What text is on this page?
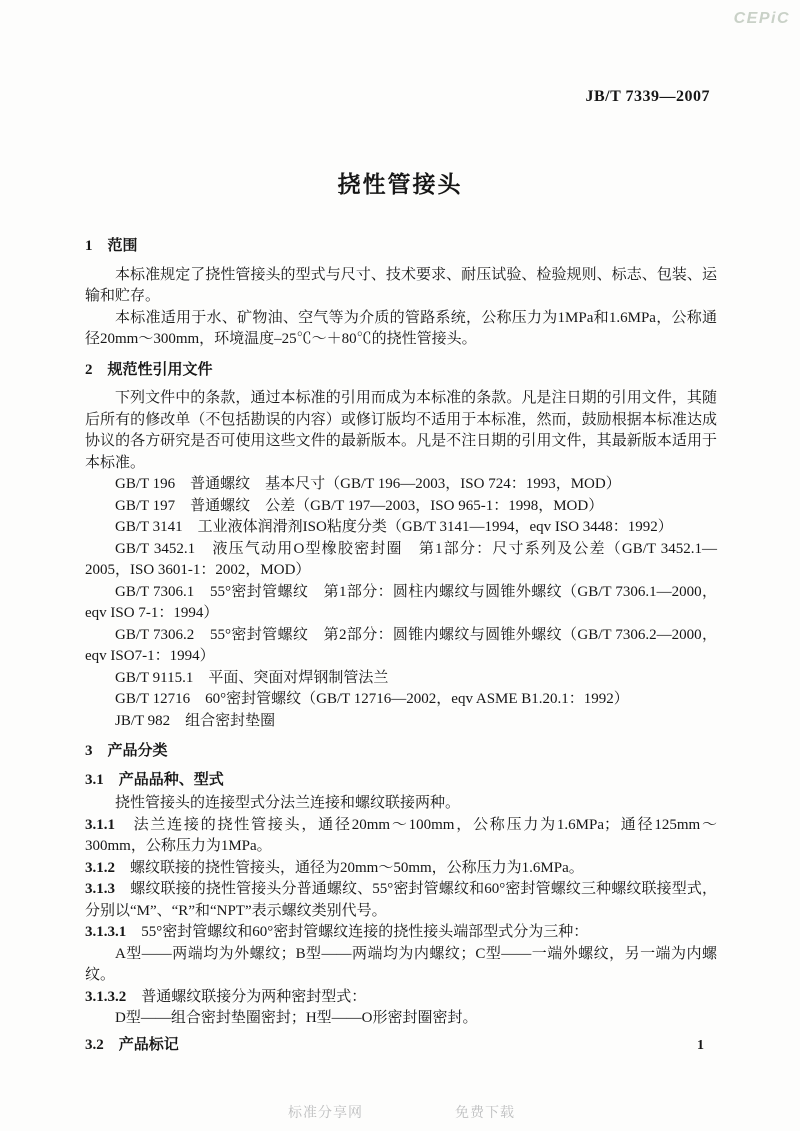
CEPiC
JB/T 7339—2007
挠性管接头
1　范围
本标准规定了挠性管接头的型式与尺寸、技术要求、耐压试验、检验规则、标志、包装、运输和贮存。
本标准适用于水、矿物油、空气等为介质的管路系统，公称压力为1MPa和1.6MPa，公称通径20mm～300mm，环境温度–25℃～＋80℃的挠性管接头。
2　规范性引用文件
下列文件中的条款，通过本标准的引用而成为本标准的条款。凡是注日期的引用文件，其随后所有的修改单（不包括勘误的内容）或修订版均不适用于本标准，然而，鼓励根据本标准达成协议的各方研究是否可使用这些文件的最新版本。凡是不注日期的引用文件，其最新版本适用于本标准。
GB/T 196　普通螺纹　基本尺寸（GB/T 196—2003，ISO 724：1993，MOD）
GB/T 197　普通螺纹　公差（GB/T 197—2003，ISO 965-1：1998，MOD）
GB/T 3141　工业液体润滑剂ISO粘度分类（GB/T 3141—1994，eqv ISO 3448：1992）
GB/T 3452.1　液压气动用O型橡胶密封圈　第1部分：尺寸系列及公差（GB/T 3452.1—2005，ISO 3601-1：2002，MOD）
GB/T 7306.1　55°密封管螺纹　第1部分：圆柱内螺纹与圆锥外螺纹（GB/T 7306.1—2000，eqv ISO 7-1：1994）
GB/T 7306.2　55°密封管螺纹　第2部分：圆锥内螺纹与圆锥外螺纹（GB/T 7306.2—2000，eqv ISO7-1：1994）
GB/T 9115.1　平面、突面对焊钢制管法兰
GB/T 12716　60°密封管螺纹（GB/T 12716—2002，eqv ASME B1.20.1：1992）
JB/T 982　组合密封垫圈
3　产品分类
3.1　产品品种、型式
挠性管接头的连接型式分法兰连接和螺纹联接两种。
3.1.1　法兰连接的挠性管接头，通径20mm～100mm，公称压力为1.6MPa；通径125mm～300mm，公称压力为1MPa。
3.1.2　螺纹联接的挠性管接头，通径为20mm～50mm，公称压力为1.6MPa。
3.1.3　螺纹联接的挠性管接头分普通螺纹、55°密封管螺纹和60°密封管螺纹三种螺纹联接型式，分别以“M”、“R”和“NPT”表示螺纹类别代号。
3.1.3.1　55°密封管螺纹和60°密封管螺纹连接的挠性接头端部型式分为三种：
A型——两端均为外螺纹；B型——两端均为内螺纹；C型——一端外螺纹，另一端为内螺纹。
3.1.3.2　普通螺纹联接分为两种密封型式：
D型——组合密封垫圈密封；H型——O形密封圈密封。
3.2　产品标记	1
标准分享网	免费下载
